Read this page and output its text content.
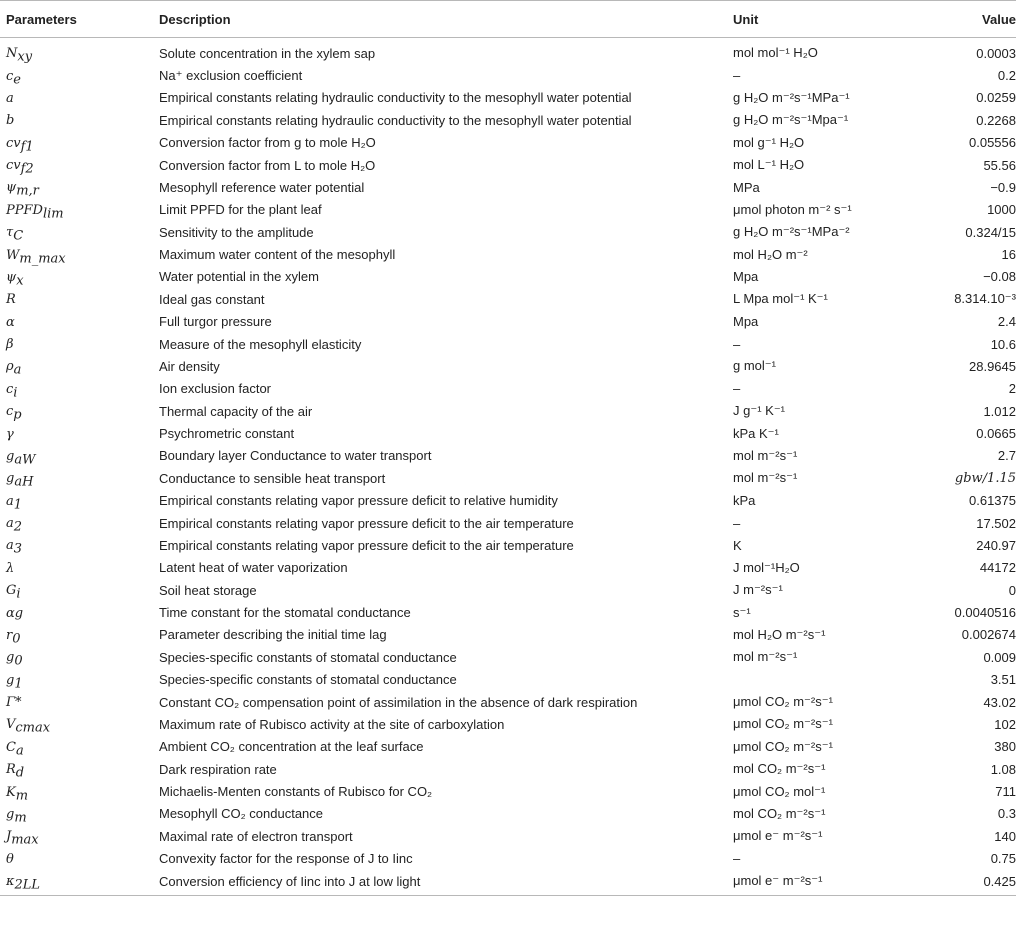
Parameters	Description	Unit	Value
$N_{xy}$	Solute concentration in the xylem sap	mol mol⁻¹ H₂O	0.0003
$c_e$	Na⁺ exclusion coefficient	–	0.2
a	Empirical constants relating hydraulic conductivity to the mesophyll water potential	g H₂O m⁻²s⁻¹MPa⁻¹	0.0259
b	Empirical constants relating hydraulic conductivity to the mesophyll water potential	g H₂O m⁻²s⁻¹Mpa⁻¹	0.2268
$cv_{f1}$	Conversion factor from g to mole H₂O	mol g⁻¹ H₂O	0.05556
$cv_{f2}$	Conversion factor from L to mole H₂O	mol L⁻¹ H₂O	55.56
$\psi_{m,r}$	Mesophyll reference water potential	MPa	−0.9
$PPFD_{lim}$	Limit PPFD for the plant leaf	μmol photon m⁻² s⁻¹	1000
$\tau_C$	Sensitivity to the amplitude	g H₂O m⁻²s⁻¹MPa⁻²	0.324/15
$W_{m\_max}$	Maximum water content of the mesophyll	mol H₂O m⁻²	16
$\psi_x$	Water potential in the xylem	Mpa	−0.08
R	Ideal gas constant	L Mpa mol⁻¹ K⁻¹	8.314.10⁻³
α	Full turgor pressure	Mpa	2.4
β	Measure of the mesophyll elasticity	–	10.6
$\rho_a$	Air density	g mol⁻¹	28.9645
$c_i$	Ion exclusion factor	–	2
$c_p$	Thermal capacity of the air	J g⁻¹ K⁻¹	1.012
γ	Psychrometric constant	kPa K⁻¹	0.0665
$g_{aW}$	Boundary layer Conductance to water transport	mol m⁻²s⁻¹	2.7
$g_{aH}$	Conductance to sensible heat transport	mol m⁻²s⁻¹	gbw/1.15
$a_1$	Empirical constants relating vapor pressure deficit to relative humidity	kPa	0.61375
$a_2$	Empirical constants relating vapor pressure deficit to the air temperature	–	17.502
$a_3$	Empirical constants relating vapor pressure deficit to the air temperature	K	240.97
λ	Latent heat of water vaporization	J mol⁻¹H₂O	44172
$G_i$	Soil heat storage	J m⁻²s⁻¹	0
αg	Time constant for the stomatal conductance	s⁻¹	0.0040516
$r_0$	Parameter describing the initial time lag	mol H₂O m⁻²s⁻¹	0.002674
$g_0$	Species-specific constants of stomatal conductance	mol m⁻²s⁻¹	0.009
$g_1$	Species-specific constants of stomatal conductance		3.51
Γ*	Constant CO₂ compensation point of assimilation in the absence of dark respiration	μmol CO₂ m⁻²s⁻¹	43.02
$V_{cmax}$	Maximum rate of Rubisco activity at the site of carboxylation	μmol CO₂ m⁻²s⁻¹	102
$C_a$	Ambient CO₂ concentration at the leaf surface	μmol CO₂ m⁻²s⁻¹	380
$R_d$	Dark respiration rate	mol CO₂ m⁻²s⁻¹	1.08
$K_m$	Michaelis-Menten constants of Rubisco for CO₂	μmol CO₂ mol⁻¹	711
$g_m$	Mesophyll CO₂ conductance	mol CO₂ m⁻²s⁻¹	0.3
$J_{max}$	Maximal rate of electron transport	μmol e⁻ m⁻²s⁻¹	140
θ	Convexity factor for the response of J to Iinc	–	0.75
$\kappa_{2LL}$	Conversion efficiency of Iinc into J at low light	μmol e⁻ m⁻²s⁻¹	0.425
